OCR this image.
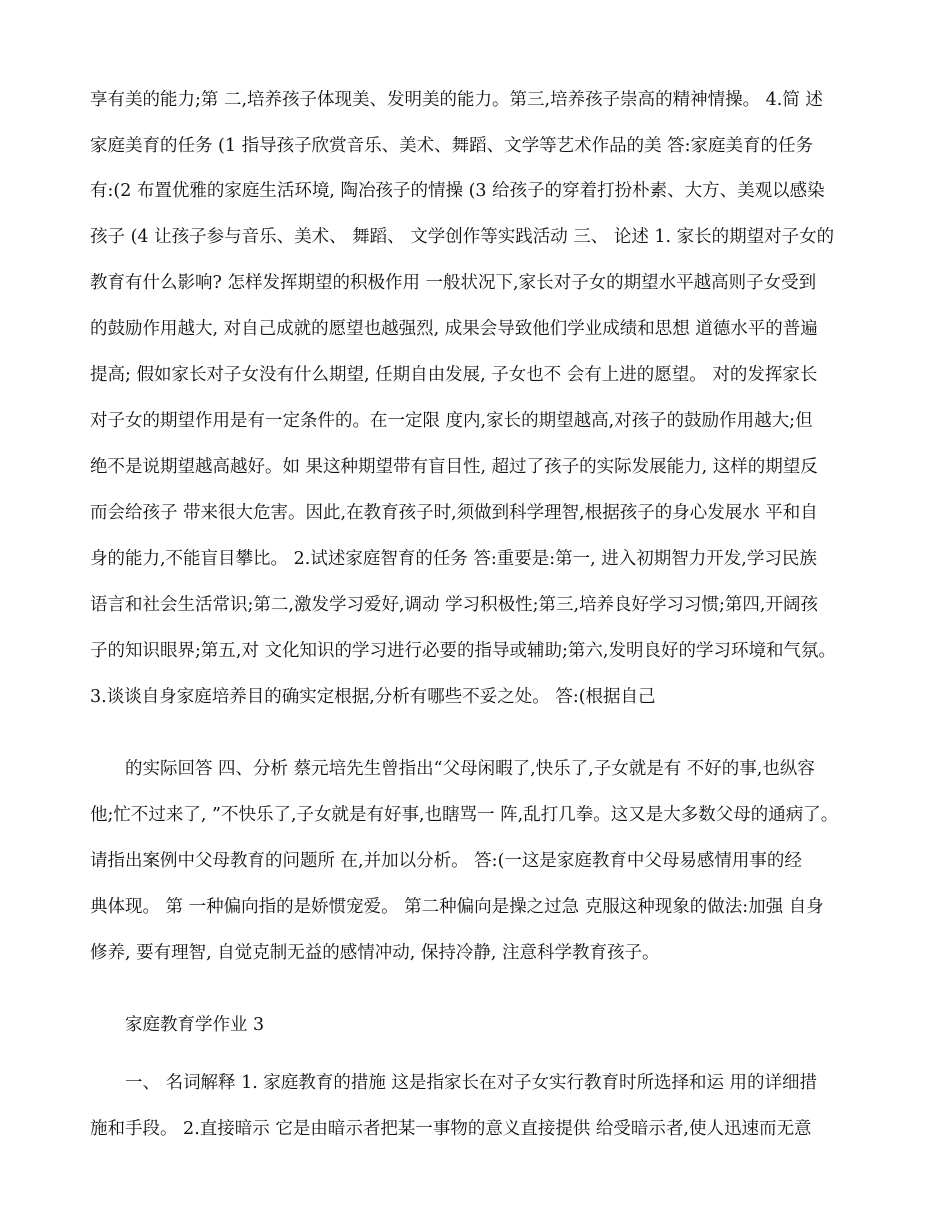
享有美的能力;第 二,培养孩子体现美、发明美的能力。第三,培养孩子崇高的精神情操。 4.简 述
家庭美育的任务 (1 指导孩子欣赏音乐、美术、舞蹈、文学等艺术作品的美 答:家庭美育的任务
有:(2 布置优雅的家庭生活环境, 陶冶孩子的情操 (3 给孩子的穿着打扮朴素、大方、美观以感染
孩子 (4 让孩子参与音乐、美术、 舞蹈、 文学创作等实践活动 三、 论述 1. 家长的期望对子女的
教育有什么影响? 怎样发挥期望的积极作用 一般状况下,家长对子女的期望水平越高则子女受到
的鼓励作用越大, 对自己成就的愿望也越强烈, 成果会导致他们学业成绩和思想 道德水平的普遍
提高; 假如家长对子女没有什么期望, 任期自由发展, 子女也不 会有上进的愿望。 对的发挥家长
对子女的期望作用是有一定条件的。在一定限 度内,家长的期望越高,对孩子的鼓励作用越大;但
绝不是说期望越高越好。如 果这种期望带有盲目性, 超过了孩子的实际发展能力, 这样的期望反
而会给孩子 带来很大危害。因此,在教育孩子时,须做到科学理智,根据孩子的身心发展水 平和自
身的能力,不能盲目攀比。 2.试述家庭智育的任务 答:重要是:第一, 进入初期智力开发,学习民族
语言和社会生活常识;第二,激发学习爱好,调动 学习积极性;第三,培养良好学习习惯;第四,开阔孩
子的知识眼界;第五,对 文化知识的学习进行必要的指导或辅助;第六,发明良好的学习环境和气氛。
3.谈谈自身家庭培养目的确实定根据,分析有哪些不妥之处。 答:(根据自己
的实际回答 四、分析 蔡元培先生曾指出“父母闲暇了,快乐了,子女就是有 不好的事,也纵容
他;忙不过来了, ”不快乐了,子女就是有好事,也瞎骂一 阵,乱打几拳。这又是大多数父母的通病了。
请指出案例中父母教育的问题所 在,并加以分析。 答:(一这是家庭教育中父母易感情用事的经
典体现。 第 一种偏向指的是娇惯宠爱。 第二种偏向是操之过急 克服这种现象的做法:加强 自身
修养, 要有理智, 自觉克制无益的感情冲动, 保持冷静, 注意科学教育孩子。
家庭教育学作业 3
一、 名词解释 1. 家庭教育的措施 这是指家长在对子女实行教育时所选择和运 用的详细措
施和手段。 2.直接暗示 它是由暗示者把某一事物的意义直接提供 给受暗示者,使人迅速而无意
